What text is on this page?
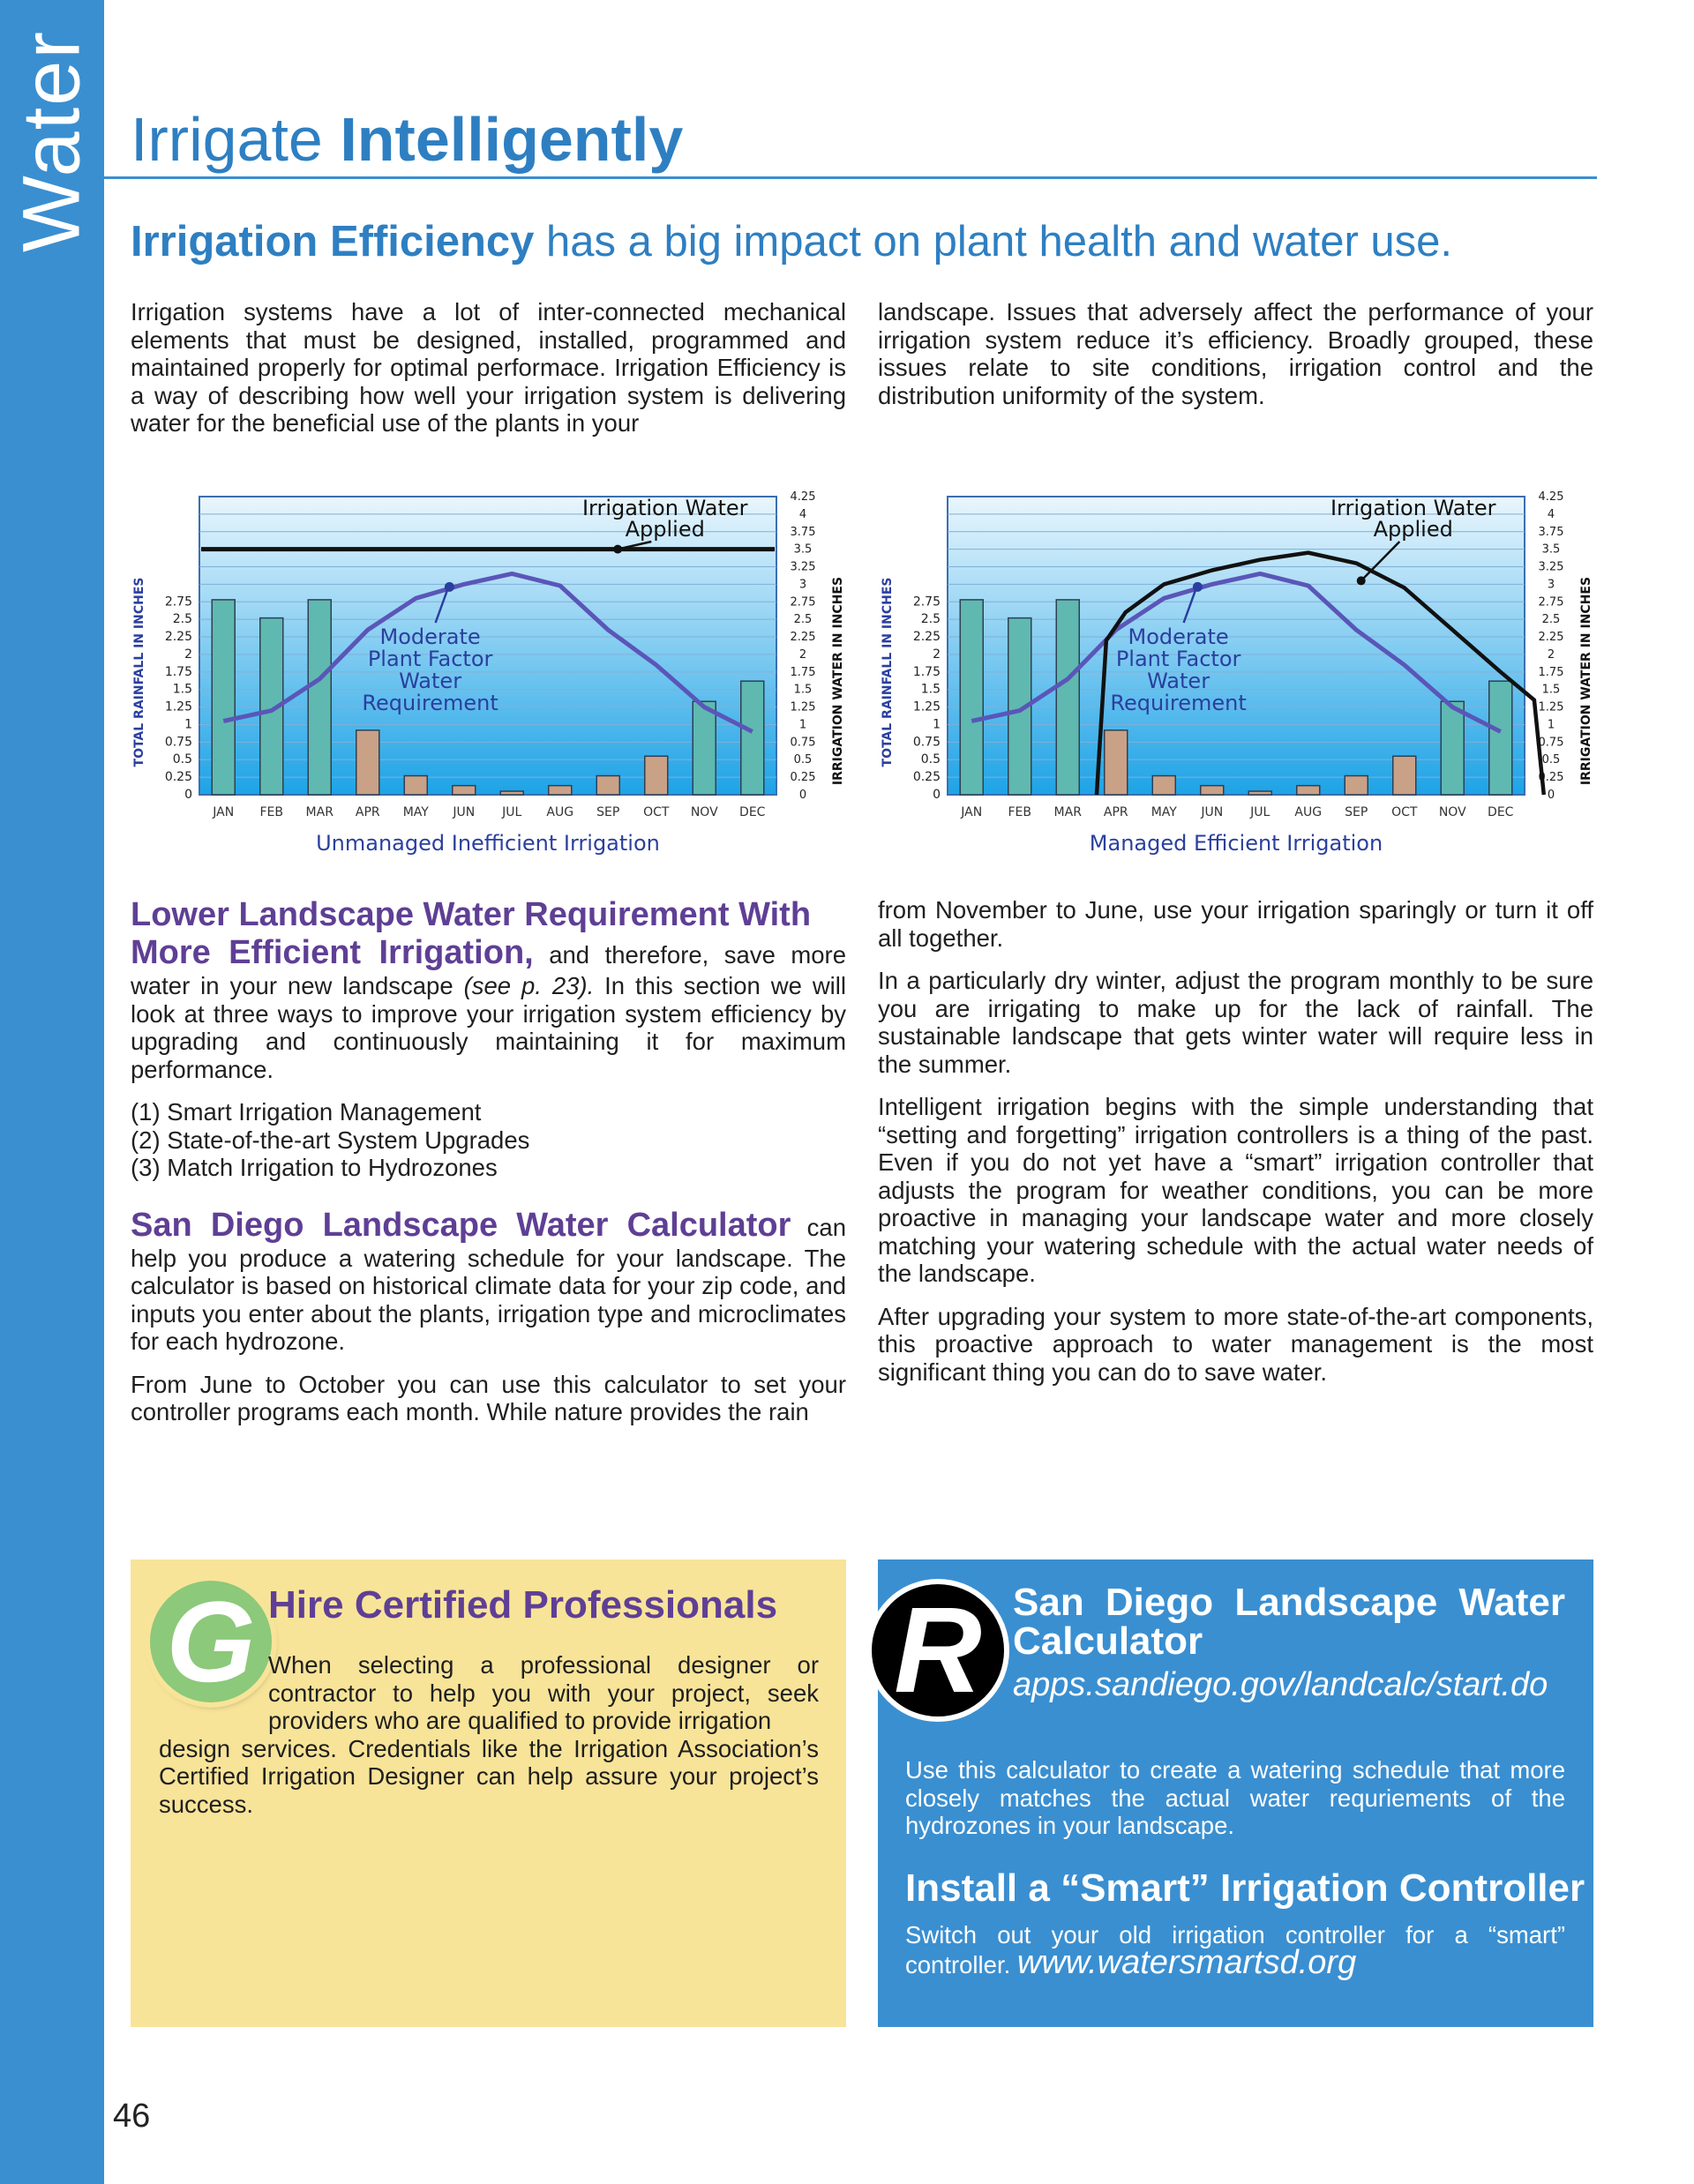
Water
46
Irrigate Intelligently
Irrigation Efficiency has a big impact on plant health and water use.

Irrigation systems have a lot of inter-connected mechanical elements that must be designed, installed, programmed and maintained properly for optimal performace. Irrigation Efficiency is a way of describing how well your irrigation system is delivering water for the beneficial use of the plants in your

landscape. Issues that adversely affect the performance of your irrigation system reduce it’s efficiency. Broadly grouped, these issues relate to site conditions, irrigation control and the distribution uniformity of the system.

0
0.25
0.5
0.75
1
1.25
1.5
1.75
2
2.25
2.5
2.75
3
3.25
3.5
3.75
4
4.25
0
0.25
0.5
0.75
1
1.25
1.5
1.75
2
2.25
2.5
2.75
JAN FEB MAR APR MAY JUN JUL AUG SEP OCT NOV DEC
Irrigation Water
Applied
Moderate
Plant Factor
Water
Requirement
TOTAL RAINFALL IN INCHES	IRRIGATION WATER IN INCHES
Unmanaged Inefficient Irrigation
0
0.25
0.5
0.75
1
1.25
1.5
1.75
2
2.25
2.5
2.75
3
3.25
3.5
3.75
4
4.25
0
0.25
0.5
0.75
1
1.25
1.5
1.75
2
2.25
2.5
2.75
JAN FEB MAR APR MAY JUN JUL AUG SEP OCT NOV DEC
Irrigation Water
Applied
Moderate
Plant Factor
Water
Requirement
TOTAL RAINFALL IN INCHES	IRRIGATION WATER IN INCHES
Managed Efficient Irrigation

Lower Landscape Water Requirement With
More Efficient Irrigation, and therefore, save more water in your new landscape (see p. 23). In this section we will look at three ways to improve your irrigation system efficiency by upgrading and continuously maintaining it for maximum performance.

(1) Smart Irrigation Management
(2) State-of-the-art System Upgrades
(3) Match Irrigation to Hydrozones

San Diego Landscape Water Calculator can help you produce a watering schedule for your landscape. The calculator is based on historical climate data for your zip code, and inputs you enter about the plants, irrigation type and microclimates for each hydrozone.

From June to October you can use this calculator to set your controller programs each month. While nature provides the rain

from November to June, use your irrigation sparingly or turn it off all together.

In a particularly dry winter, adjust the program monthly to be sure you are irrigating to make up for the lack of rainfall. The sustainable landscape that gets winter water will require less in the summer.

Intelligent irrigation begins with the simple understanding that “setting and forgetting” irrigation controllers is a thing of the past. Even if you do not yet have a “smart” irrigation controller that adjusts the program for weather conditions, you can be more proactive in managing your landscape water and more closely matching your watering schedule with the actual water needs of the landscape.

After upgrading your system to more state-of-the-art components, this proactive approach to water management is the most significant thing you can do to save water.

G Hire Certified Professionals
When selecting a professional designer or contractor to help you with your project, seek providers who are qualified to provide irrigation
design services. Credentials like the Irrigation Association’s Certified Irrigation Designer can help assure your project’s success.
R San Diego Landscape Water Calculator
apps.sandiego.gov/landcalc/start.do
Use this calculator to create a watering schedule that more closely matches the actual water requriements of the hydrozones in your landscape.
Install a “Smart” Irrigation Controller
Switch out your old irrigation controller for a “smart” controller. www.watersmartsd.org
